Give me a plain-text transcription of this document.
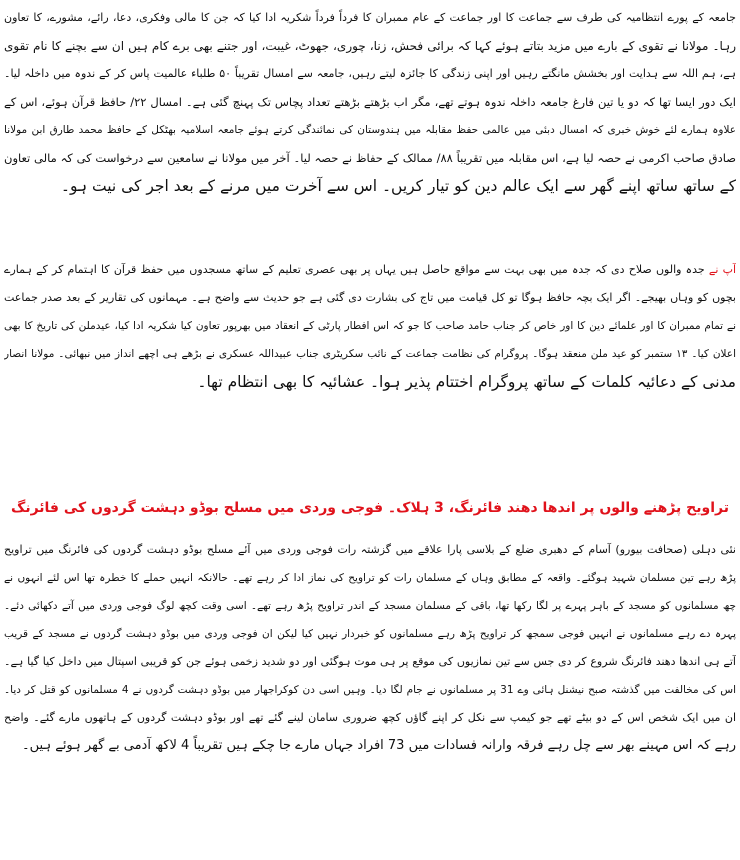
جامعہ کے پورے انتظامیہ کی طرف سے جماعت کا اور جماعت کے عام ممبران کا فرداً فرداً شکریہ ادا کیا کہ جن کا مالی وفکری، دعا، رائے، مشورے، کا تعاون
رہا۔ مولانا نے تقوی کے بارے میں مزید بتاتے ہوئے کہا کہ برائی فحش، زنا، چوری، جھوٹ، غیبت، اور جتنے بھی برے کام ہیں ان سے بچنے کا نام تقوی
ہے، ہم اللہ سے ہدایت اور بخشش مانگتے رہیں اور اپنی زندگی کا جائزہ لیتے رہیں، جامعہ سے امسال تقریباً ۵۰ طلباء عالمیت پاس کر کے ندوہ میں داخلہ لیا۔
ایک دور ایسا تھا کہ دو یا تین فارغ جامعہ داخلہ ندوہ ہوتے تھے، مگر اب بڑھتے بڑھتے تعداد پچاس تک پہنچ گئی ہے۔ امسال ۲۲/ حافظ قرآن ہوئے، اس کے
علاوہ ہمارے لئے خوش خبری کہ امسال دبئی میں عالمی حفظ مقابلہ میں ہندوستان کی نمائندگی کرتے ہوئے جامعہ اسلامیہ بھٹکل کے حافظ محمد طارق ابن مولانا
صادق صاحب اکرمی نے حصہ لیا ہے، اس مقابلہ میں تقریباً ۸۸/ ممالک کے حفاظ نے حصہ لیا۔ آخر میں مولانا نے سامعین سے درخواست کی کہ مالی تعاون
کے ساتھ ساتھ اپنے گھر سے ایک عالم دین کو تیار کریں۔ اس سے آخرت میں مرنے کے بعد اجر کی نیت ہو۔
آپ نے جدہ والوں صلاح دی کہ جدہ میں بھی بہت سے مواقع حاصل ہیں یہاں پر بھی عصری تعلیم کے ساتھ مسجدوں میں حفظ قرآن کا اہتمام کر کے ہمارے
بچوں کو وہاں بھیجے۔ اگر ایک بچہ حافظ ہوگا تو کل قیامت میں تاج کی بشارت دی گئی ہے جو حدیث سے واضح ہے۔ مہمانوں کی تقاریر کے بعد صدر جماعت
نے تمام ممبران کا اور علمائے دین کا اور خاص کر جناب حامد صاحب کا جو کہ اس افطار پارٹی کے انعقاد میں بھرپور تعاون کیا شکریہ ادا کیا، عیدملن کی تاریخ کا بھی
اعلان کیا۔ ۱۳ ستمبر کو عید ملن منعقد ہوگا۔ پروگرام کی نظامت جماعت کے نائب سکریٹری جناب عبیداللہ عسکری نے بڑھے ہی اچھے انداز میں نبھائی۔ مولانا انصار
مدنی کے دعائیہ کلمات کے ساتھ پروگرام اختتام پذیر ہوا۔ عشائیہ کا بھی انتظام تھا۔
تراویح پڑھنے والوں پر اندھا دھند فائرنگ، 3 ہلاک۔ فوجی وردی میں مسلح بوڈو دہشت گردوں کی فائرنگ
نئی دہلی (صحافت بیورو) آسام کے دھبری ضلع کے بلاسی پارا علاقے میں گزشتہ رات فوجی وردی میں آئے مسلح بوڈو دہشت گردوں کی فائرنگ میں تراویح
پڑھ رہے تین مسلمان شہید ہوگئے۔ واقعہ کے مطابق وہاں کے مسلمان رات کو تراویح کی نماز ادا کر رہے تھے۔ حالانکہ انہیں حملے کا خطرہ تھا اس لئے انہوں نے
چھ مسلمانوں کو مسجد کے باہر پہرے پر لگا رکھا تھا، باقی کے مسلمان مسجد کے اندر تراویح پڑھ رہے تھے۔ اسی وقت کچھ لوگ فوجی وردی میں آتے دکھائی دئے۔
پہرہ دے رہے مسلمانوں نے انہیں فوجی سمجھ کر تراویح پڑھ رہے مسلمانوں کو خبردار نہیں کیا لیکن ان فوجی وردی میں بوڈو دہشت گردوں نے مسجد کے قریب
آتے ہی اندھا دھند فائرنگ شروع کر دی جس سے تین نمازیوں کی موقع پر ہی موت ہوگئی اور دو شدید زخمی ہوئے جن کو قریبی اسپتال میں داخل کیا گیا ہے۔
اس کی مخالفت میں گذشتہ صبح نیشنل ہائی وے 31 پر مسلمانوں نے جام لگا دیا۔ وہیں اسی دن کوکراجھار میں بوڈو دہشت گردوں نے 4 مسلمانوں کو قتل کر دیا۔
ان میں ایک شخص اس کے دو بیٹے تھے جو کیمپ سے نکل کر اپنے گاؤں کچھ ضروری سامان لینے گئے تھے اور بوڈو دہشت گردوں کے ہاتھوں مارے گئے۔ واضح
رہے کہ اس مہینے بھر سے چل رہے فرقہ وارانہ فسادات میں 73 افراد جہاں مارے جا چکے ہیں تقریباً 4 لاکھ آدمی بے گھر ہوئے ہیں۔
